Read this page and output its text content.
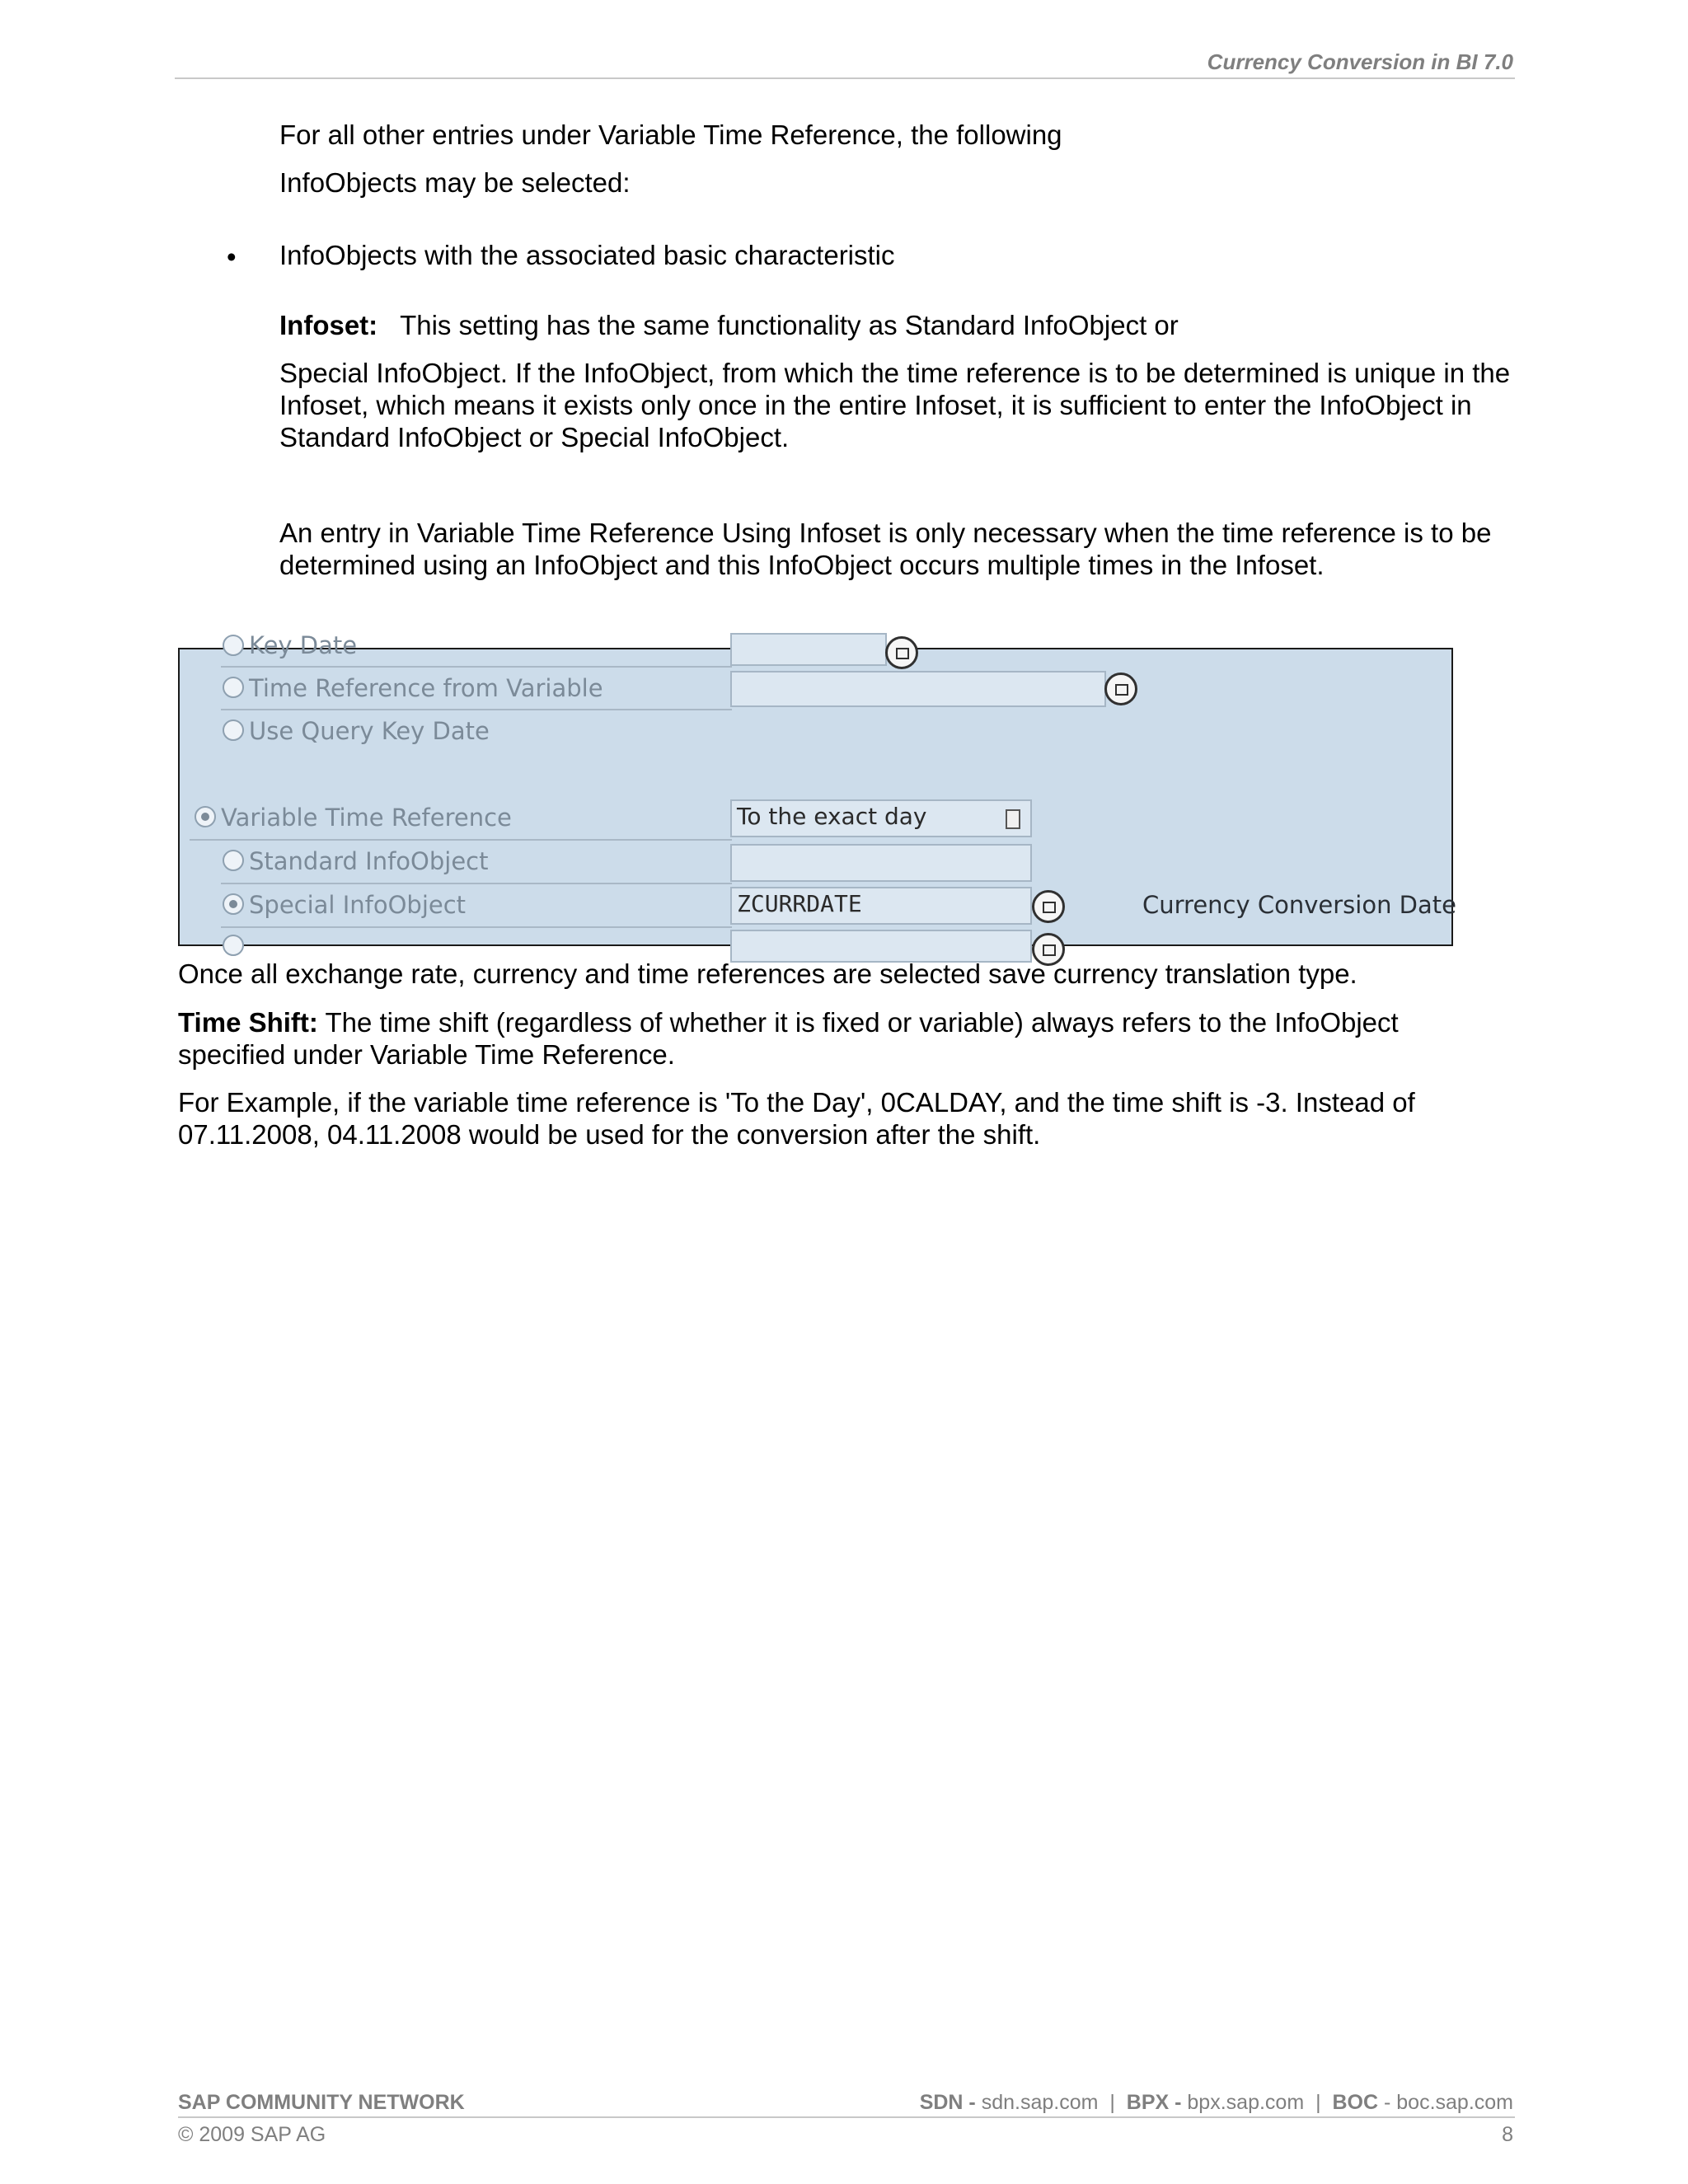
Currency Conversion in BI 7.0

For all other entries under Variable Time Reference, the following

InfoObjects may be selected:

• InfoObjects with the associated basic characteristic

Infoset: This setting has the same functionality as Standard InfoObject or

Special InfoObject. If the InfoObject, from which the time reference is to be determined is unique in the Infoset, which means it exists only once in the entire Infoset, it is sufficient to enter the InfoObject in Standard InfoObject or Special InfoObject.

An entry in Variable Time Reference Using Infoset is only necessary when the time reference is to be determined using an InfoObject and this InfoObject occurs multiple times in the Infoset.

Key Date
Time Reference from Variable
Use Query Key Date
Variable Time Reference	To the exact day
Standard InfoObject
Special InfoObject	ZCURRDATE	Currency Conversion Date

Once all exchange rate, currency and time references are selected save currency translation type.

Time Shift: The time shift (regardless of whether it is fixed or variable) always refers to the InfoObject specified under Variable Time Reference.

For Example, if the variable time reference is 'To the Day', 0CALDAY, and the time shift is -3. Instead of 07.11.2008, 04.11.2008 would be used for the conversion after the shift.

SAP COMMUNITY NETWORK	SDN - sdn.sap.com | BPX - bpx.sap.com | BOC - boc.sap.com
© 2009 SAP AG	8
